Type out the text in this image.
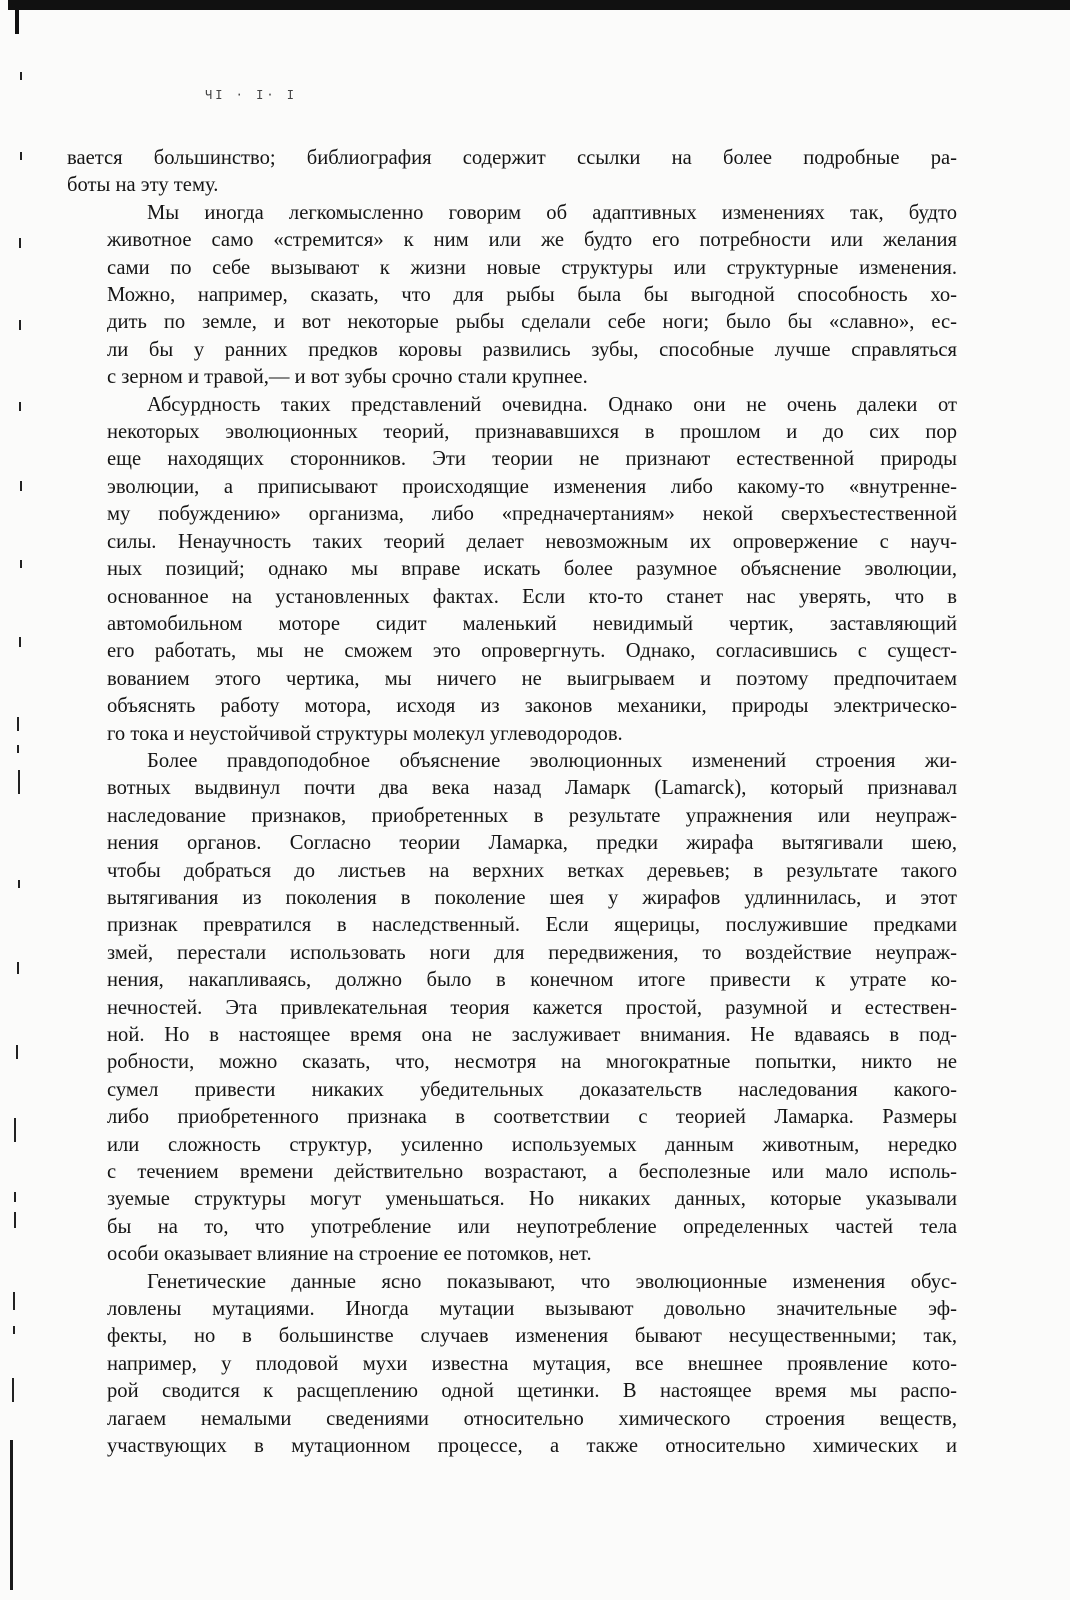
ЧI · I· I

вается большинство; библиография содержит ссылки на более подробные ра-
боты на эту тему.

Мы иногда легкомысленно говорим об адаптивных изменениях так, будто
животное само «стремится» к ним или же будто его потребности или желания
сами по себе вызывают к жизни новые структуры или структурные изменения.
Можно, например, сказать, что для рыбы была бы выгодной способность хо-
дить по земле, и вот некоторые рыбы сделали себе ноги; было бы «славно», ес-
ли бы у ранних предков коровы развились зубы, способные лучше справляться
с зерном и травой,— и вот зубы срочно стали крупнее.

Абсурдность таких представлений очевидна. Однако они не очень далеки от
некоторых эволюционных теорий, признававшихся в прошлом и до сих пор
еще находящих сторонников. Эти теории не признают естественной природы
эволюции, а приписывают происходящие изменения либо какому-то «внутренне-
му побуждению» организма, либо «предначертаниям» некой сверхъестественной
силы. Ненаучность таких теорий делает невозможным их опровержение с науч-
ных позиций; однако мы вправе искать более разумное объяснение эволюции,
основанное на установленных фактах. Если кто-то станет нас уверять, что в
автомобильном моторе сидит маленький невидимый чертик, заставляющий
его работать, мы не сможем это опровергнуть. Однако, согласившись с сущест-
вованием этого чертика, мы ничего не выигрываем и поэтому предпочитаем
объяснять работу мотора, исходя из законов механики, природы электрическо-
го тока и неустойчивой структуры молекул углеводородов.

Более правдоподобное объяснение эволюционных изменений строения жи-
вотных выдвинул почти два века назад Ламарк (Lamarck), который признавал
наследование признаков, приобретенных в результате упражнения или неупраж-
нения органов. Согласно теории Ламарка, предки жирафа вытягивали шею,
чтобы добраться до листьев на верхних ветках деревьев; в результате такого
вытягивания из поколения в поколение шея у жирафов удлиннилась, и этот
признак превратился в наследственный. Если ящерицы, послужившие предками
змей, перестали использовать ноги для передвижения, то воздействие неупраж-
нения, накапливаясь, должно было в конечном итоге привести к утрате ко-
нечностей. Эта привлекательная теория кажется простой, разумной и естествен-
ной. Но в настоящее время она не заслуживает внимания. Не вдаваясь в под-
робности, можно сказать, что, несмотря на многократные попытки, никто не
сумел привести никаких убедительных доказательств наследования какого-
либо приобретенного признака в соответствии с теорией Ламарка. Размеры
или сложность структур, усиленно используемых данным животным, нередко
с течением времени действительно возрастают, а бесполезные или мало исполь-
зуемые структуры могут уменьшаться. Но никаких данных, которые указывали
бы на то, что употребление или неупотребление определенных частей тела
особи оказывает влияние на строение ее потомков, нет.

Генетические данные ясно показывают, что эволюционные изменения обус-
ловлены мутациями. Иногда мутации вызывают довольно значительные эф-
фекты, но в большинстве случаев изменения бывают несущественными; так,
например, у плодовой мухи известна мутация, все внешнее проявление кото-
рой сводится к расщеплению одной щетинки. В настоящее время мы распо-
лагаем немалыми сведениями относительно химического строения веществ,
участвующих в мутационном процессе, а также относительно химических и
